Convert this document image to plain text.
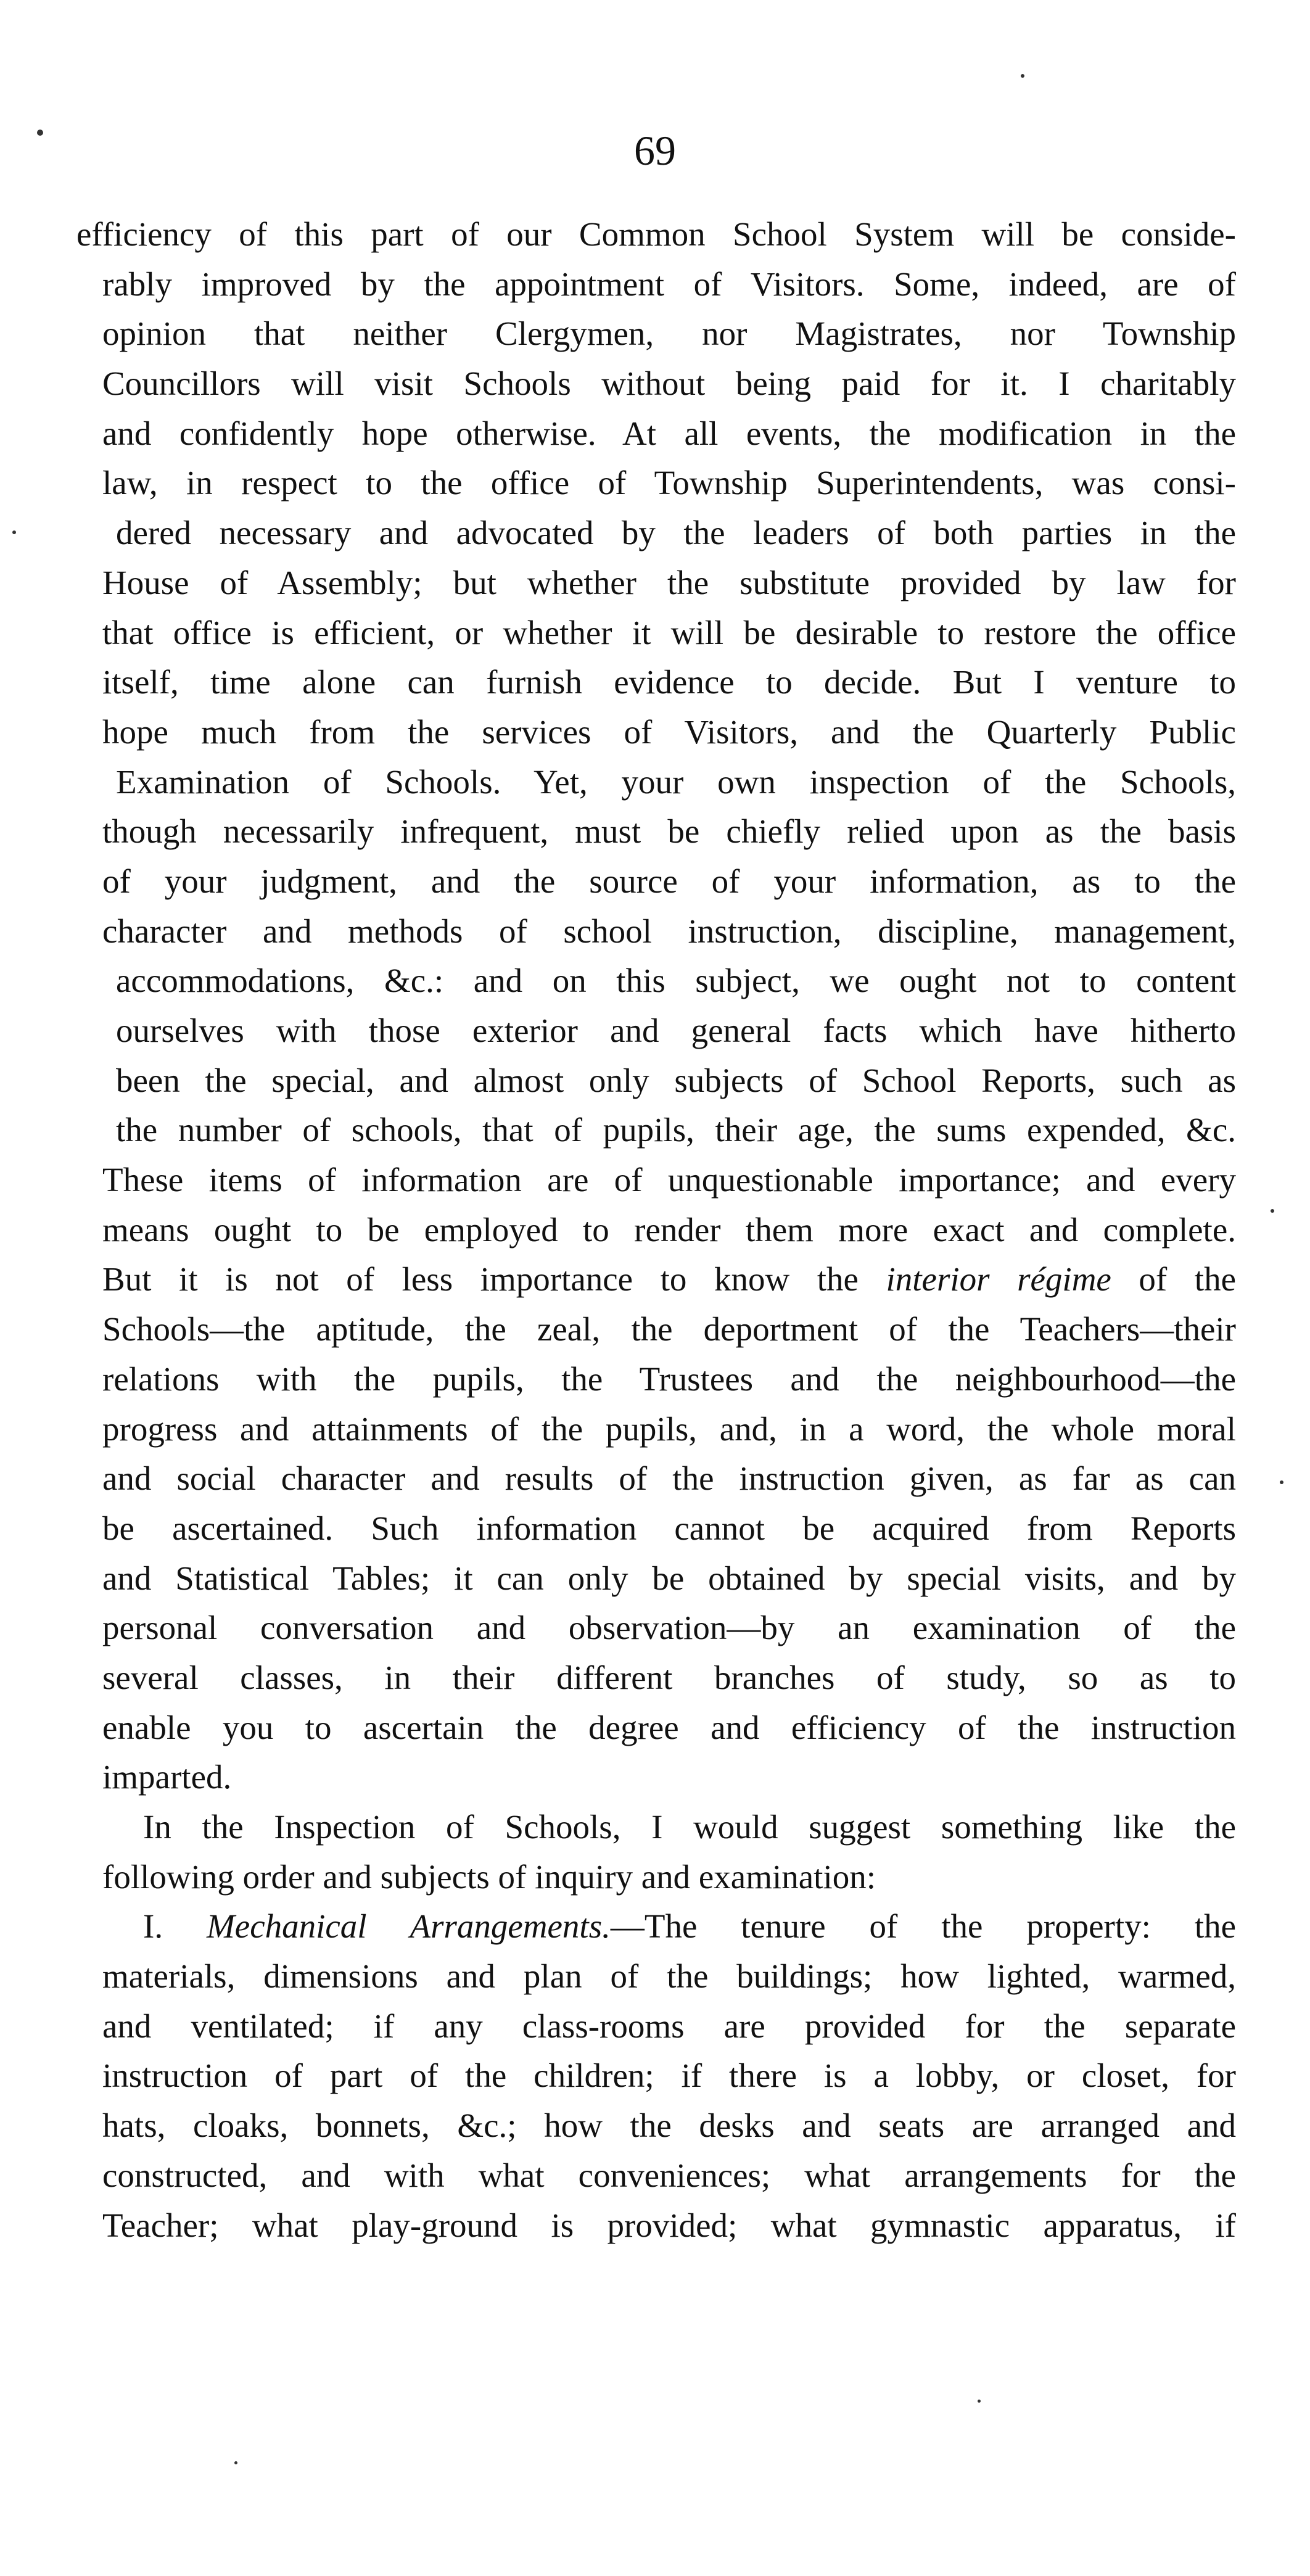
69
efficiency of this part of our Common School System will be conside-
rably improved by the appointment of Visitors. Some, indeed, are of
opinion that neither Clergymen, nor Magistrates, nor Township
Councillors will visit Schools without being paid for it. I charitably
and confidently hope otherwise. At all events, the modification in the
law, in respect to the office of Township Superintendents, was consi-
dered necessary and advocated by the leaders of both parties in the
House of Assembly; but whether the substitute provided by law for
that office is efficient, or whether it will be desirable to restore the office
itself, time alone can furnish evidence to decide. But I venture to
hope much from the services of Visitors, and the Quarterly Public
Examination of Schools. Yet, your own inspection of the Schools,
though necessarily infrequent, must be chiefly relied upon as the basis
of your judgment, and the source of your information, as to the
character and methods of school instruction, discipline, management,
accommodations, &c.: and on this subject, we ought not to content
ourselves with those exterior and general facts which have hitherto
been the special, and almost only subjects of School Reports, such as
the number of schools, that of pupils, their age, the sums expended, &c.
These items of information are of unquestionable importance; and every
means ought to be employed to render them more exact and complete.
But it is not of less importance to know the interior régime of the
Schools—the aptitude, the zeal, the deportment of the Teachers—their
relations with the pupils, the Trustees and the neighbourhood—the
progress and attainments of the pupils, and, in a word, the whole moral
and social character and results of the instruction given, as far as can
be ascertained. Such information cannot be acquired from Reports
and Statistical Tables; it can only be obtained by special visits, and by
personal conversation and observation—by an examination of the
several classes, in their different branches of study, so as to
enable you to ascertain the degree and efficiency of the instruction
imparted.
In the Inspection of Schools, I would suggest something like the
following order and subjects of inquiry and examination:
I. Mechanical Arrangements.—The tenure of the property: the
materials, dimensions and plan of the buildings; how lighted, warmed,
and ventilated; if any class-rooms are provided for the separate
instruction of part of the children; if there is a lobby, or closet, for
hats, cloaks, bonnets, &c.; how the desks and seats are arranged and
constructed, and with what conveniences; what arrangements for the
Teacher; what play-ground is provided; what gymnastic apparatus, if
